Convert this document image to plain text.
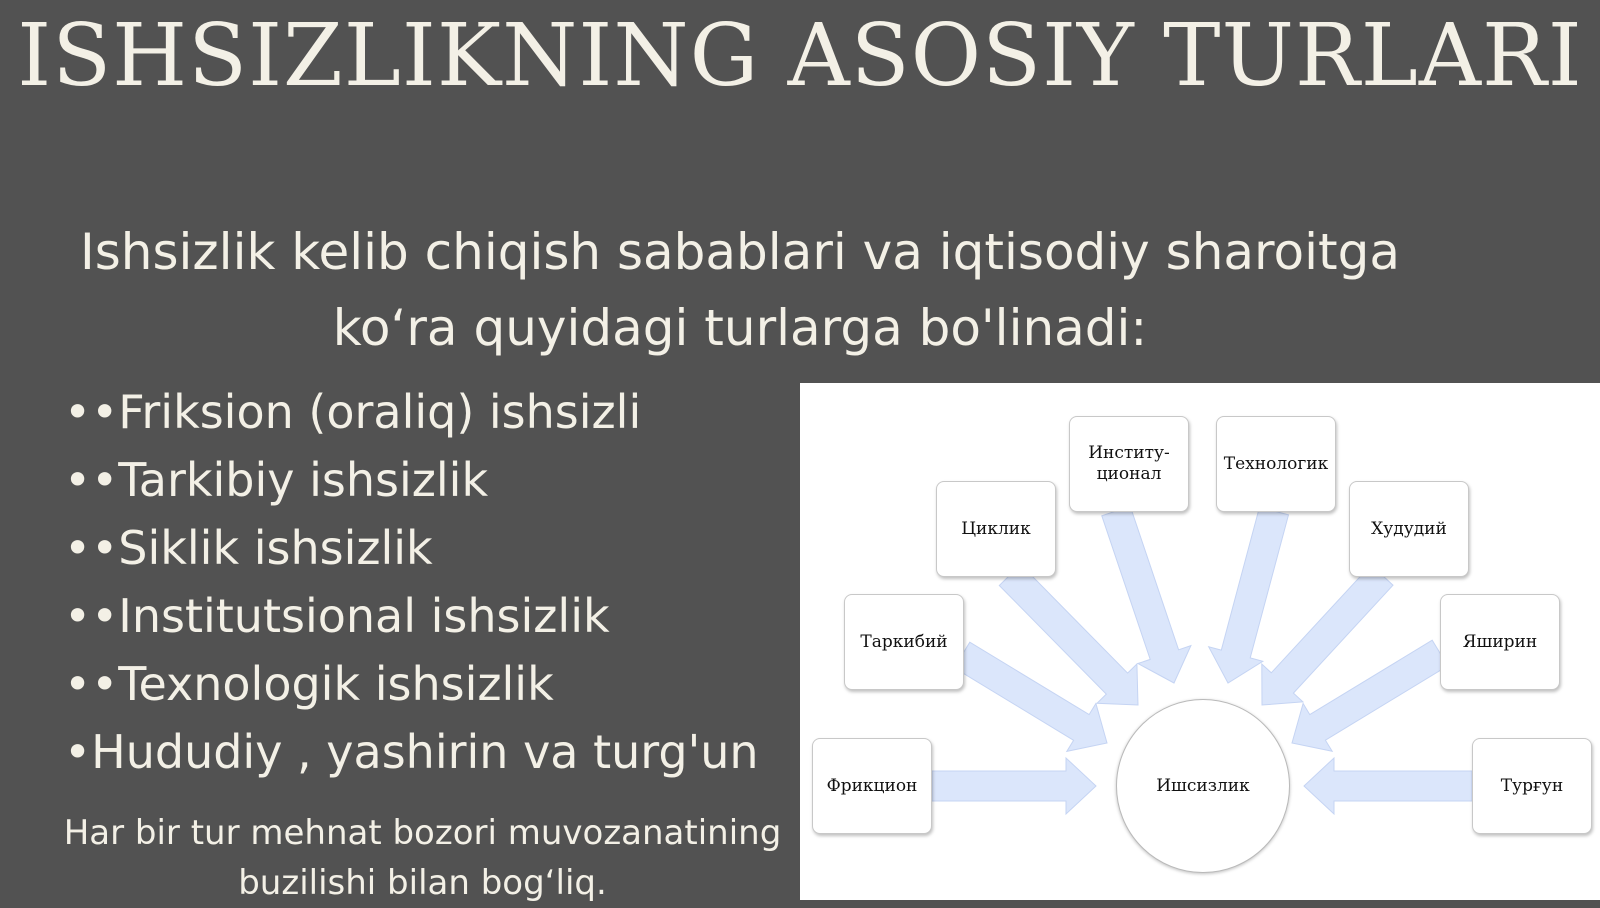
ISHSIZLIKNING ASOSIY TURLARI
Ishsizlik kelib chiqish sabablari va iqtisodiy sharoitga ko‘ra quyidagi turlarga bo'linadi:
••Friksion (oraliq) ishsizli
••Tarkibiy ishsizlik
••Siklik ishsizlik
••Institutsional ishsizlik
••Texnologik ishsizlik
•Hududiy , yashirin va turg'un
Har bir tur mehnat bozori muvozanatining buzilishi bilan bog‘liq.
Ишсизлик
Фрикцион
Таркибий
Циклик
Институ-ционал
Технологик
Худудий
Яширин
Турғун
